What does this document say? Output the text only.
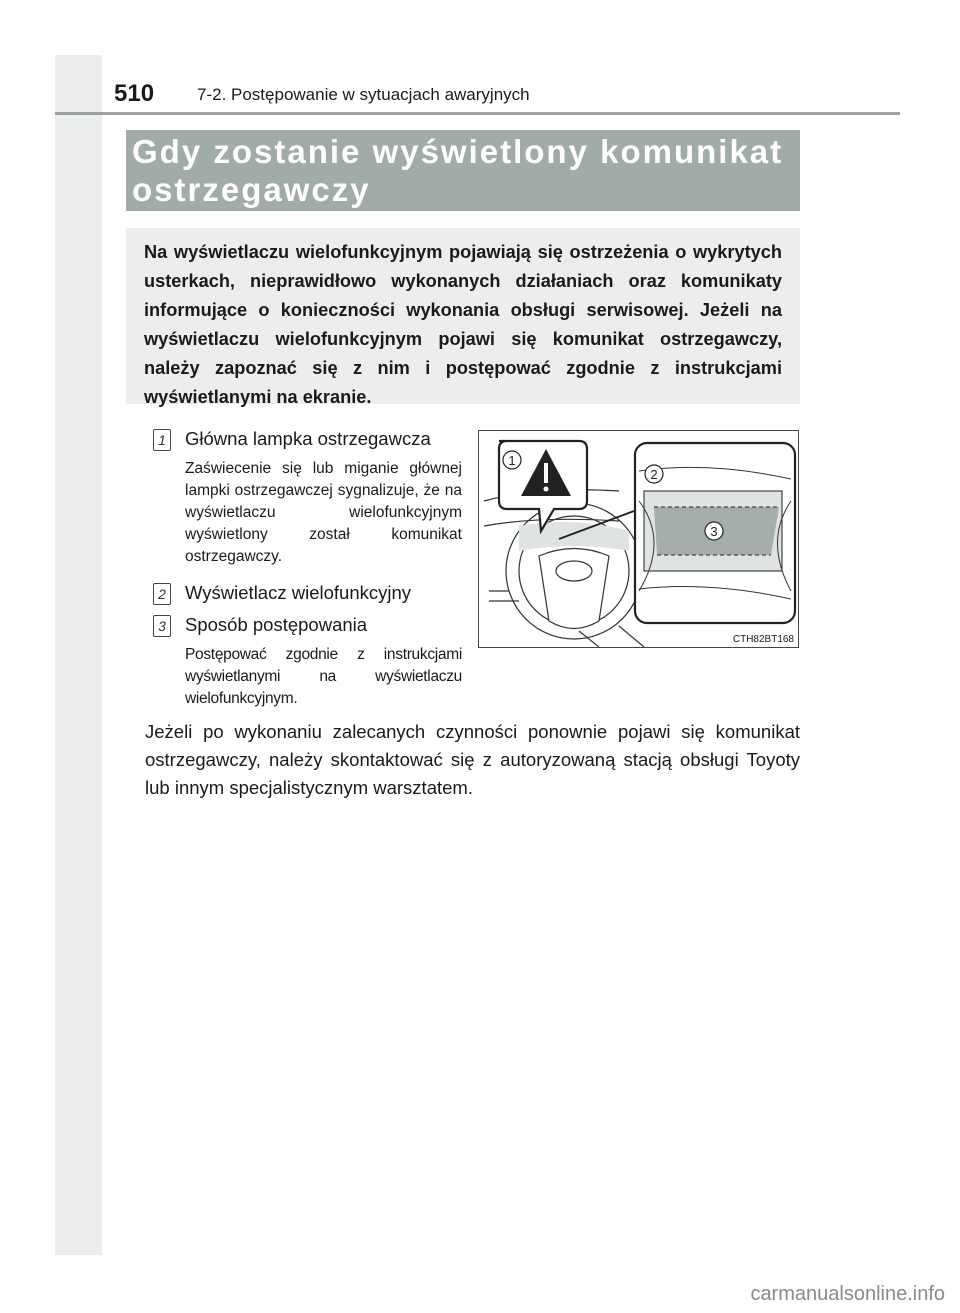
510	7-2. Postępowanie w sytuacjach awaryjnych
Gdy zostanie wyświetlony komunikat
ostrzegawczy
Na wyświetlaczu wielofunkcyjnym pojawiają się ostrzeżenia o wykrytych usterkach, nieprawidłowo wykonanych działaniach oraz komunikaty informujące o konieczności wykonania obsługi serwisowej. Jeżeli na wyświetlaczu wielofunkcyjnym pojawi się komunikat ostrzegawczy, należy zapoznać się z nim i postępować zgodnie z instrukcjami wyświetlanymi na ekranie.
1 Główna lampka ostrzegawcza
Zaświecenie się lub miganie głównej lampki ostrzegawczej sygnalizuje, że na wyświetlaczu wielofunkcyjnym wyświetlony został komunikat ostrzegawczy.
2 Wyświetlacz wielofunkcyjny
3 Sposób postępowania
Postępować zgodnie z instrukcjami wyświetlanymi na wyświetlaczu wielofunkcyjnym.
1
2
3
CTH82BT168
Jeżeli po wykonaniu zalecanych czynności ponownie pojawi się komunikat ostrzegawczy, należy skontaktować się z autoryzowaną stacją obsługi Toyoty lub innym specjalistycznym warsztatem.
carmanualsonline.info
